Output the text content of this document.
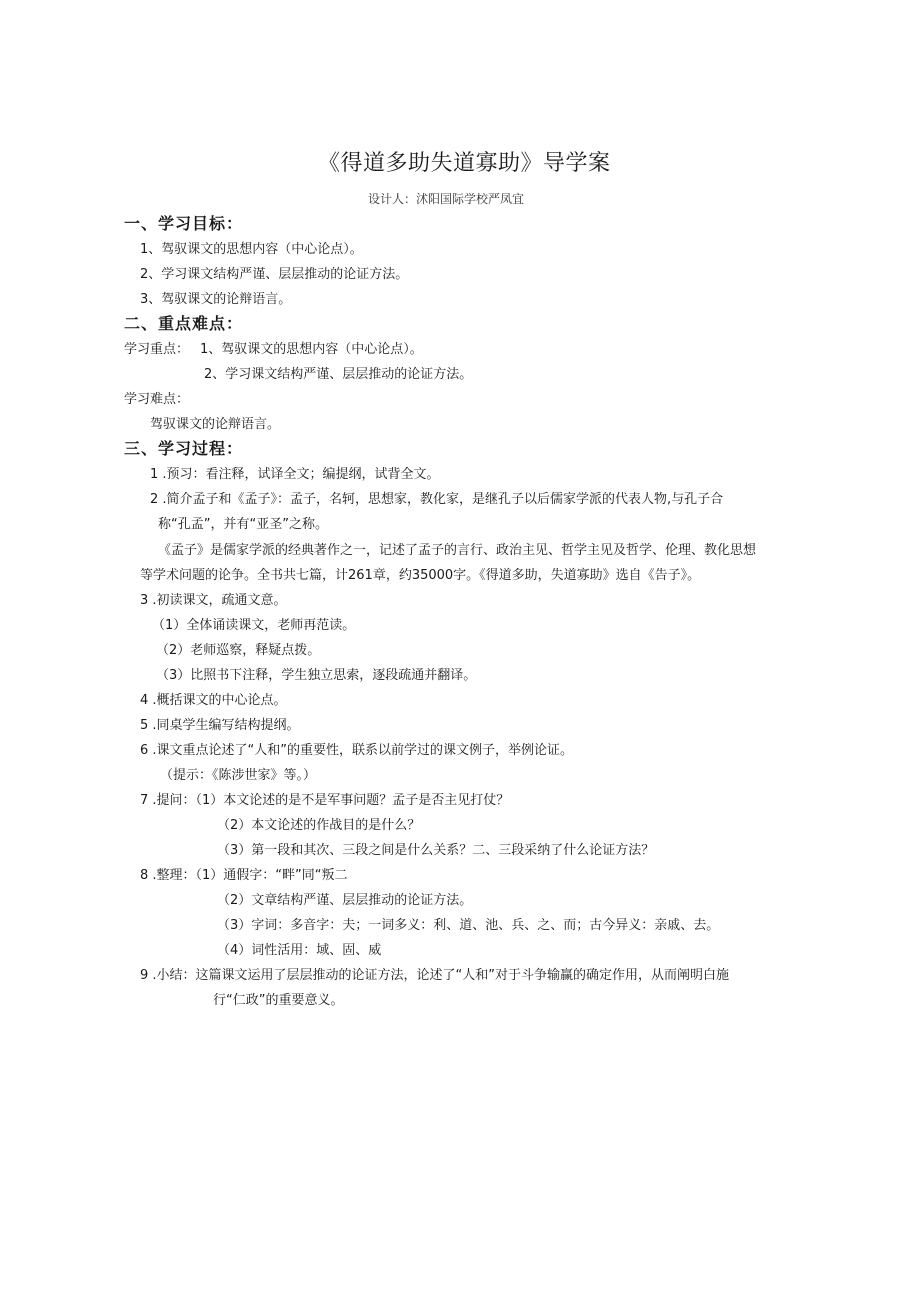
《得道多助失道寡助》导学案
设计人：沭阳国际学校严凤宜
一、学习目标：
1、驾驭课文的思想内容（中心论点）。
2、学习课文结构严谨、层层推动的论证方法。
3、驾驭课文的论辩语言。
二、重点难点：
学习重点： 1、驾驭课文的思想内容（中心论点）。
2、学习课文结构严谨、层层推动的论证方法。
学习难点：
驾驭课文的论辩语言。
三、学习过程：
1 .预习：看注释，试译全文；编提纲，试背全文。
2 .简介孟子和《孟子》：孟子，名轲，思想家，教化家，是继孔子以后儒家学派的代表人物,与孔子合
称“孔孟”，并有“亚圣”之称。
《孟子》是儒家学派的经典著作之一，记述了孟子的言行、政治主见、哲学主见及哲学、伦理、教化思想
等学术问题的论争。全书共七篇，计261章，约35000字。《得道多助，失道寡助》选自《告子》。
3 .初读课文，疏通文意。
（1）全体诵读课文，老师再范读。
（2）老师巡察，释疑点拨。
（3）比照书下注释，学生独立思索，逐段疏通并翻译。
4 .概括课文的中心论点。
5 .同桌学生编写结构提纲。
6 .课文重点论述了“人和”的重要性，联系以前学过的课文例子，举例论证。
（提示：《陈涉世家》等。）
7 .提问：（1）本文论述的是不是军事问题？孟子是否主见打仗？
（2）本文论述的作战目的是什么？
（3）第一段和其次、三段之间是什么关系？二、三段采纳了什么论证方法？
8 .整理：（1）通假字：“畔”同“叛二
（2）文章结构严谨、层层推动的论证方法。
（3）字词：多音字：夫；一词多义：利、道、池、兵、之、而；古今异义：亲戚、去。
（4）词性活用：域、固、威
9 .小结：这篇课文运用了层层推动的论证方法，论述了“人和”对于斗争输赢的确定作用，从而阐明白施
行“仁政”的重要意义。
